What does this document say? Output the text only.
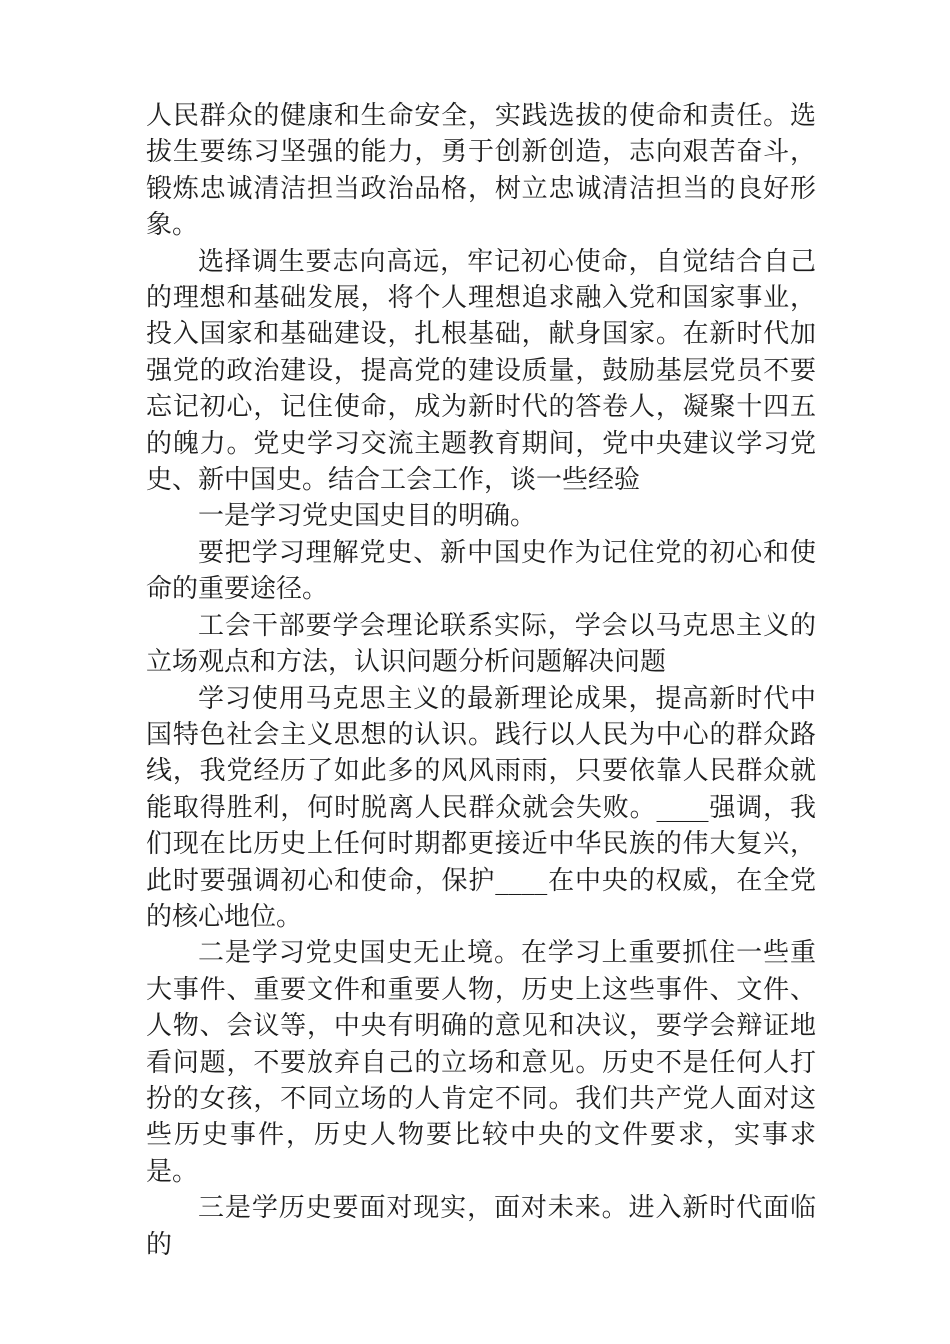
人民群众的健康和生命安全，实践选拔的使命和责任。选拔生要练习坚强的能力，勇于创新创造，志向艰苦奋斗，锻炼忠诚清洁担当政治品格，树立忠诚清洁担当的良好形象。

选择调生要志向高远，牢记初心使命，自觉结合自己的理想和基础发展，将个人理想追求融入党和国家事业，投入国家和基础建设，扎根基础，献身国家。在新时代加强党的政治建设，提高党的建设质量，鼓励基层党员不要忘记初心，记住使命，成为新时代的答卷人，凝聚十四五的魄力。党史学习交流主题教育期间，党中央建议学习党史、新中国史。结合工会工作，谈一些经验

一是学习党史国史目的明确。

要把学习理解党史、新中国史作为记住党的初心和使命的重要途径。

工会干部要学会理论联系实际，学会以马克思主义的立场观点和方法，认识问题分析问题解决问题

学习使用马克思主义的最新理论成果，提高新时代中国特色社会主义思想的认识。践行以人民为中心的群众路线，我党经历了如此多的风风雨雨，只要依靠人民群众就能取得胜利，何时脱离人民群众就会失败。____强调，我们现在比历史上任何时期都更接近中华民族的伟大复兴，此时要强调初心和使命，保护____在中央的权威，在全党的核心地位。

二是学习党史国史无止境。在学习上重要抓住一些重大事件、重要文件和重要人物，历史上这些事件、文件、人物、会议等，中央有明确的意见和决议，要学会辩证地看问题，不要放弃自己的立场和意见。历史不是任何人打扮的女孩，不同立场的人肯定不同。我们共产党人面对这些历史事件，历史人物要比较中央的文件要求，实事求是。

三是学历史要面对现实，面对未来。进入新时代面临的
